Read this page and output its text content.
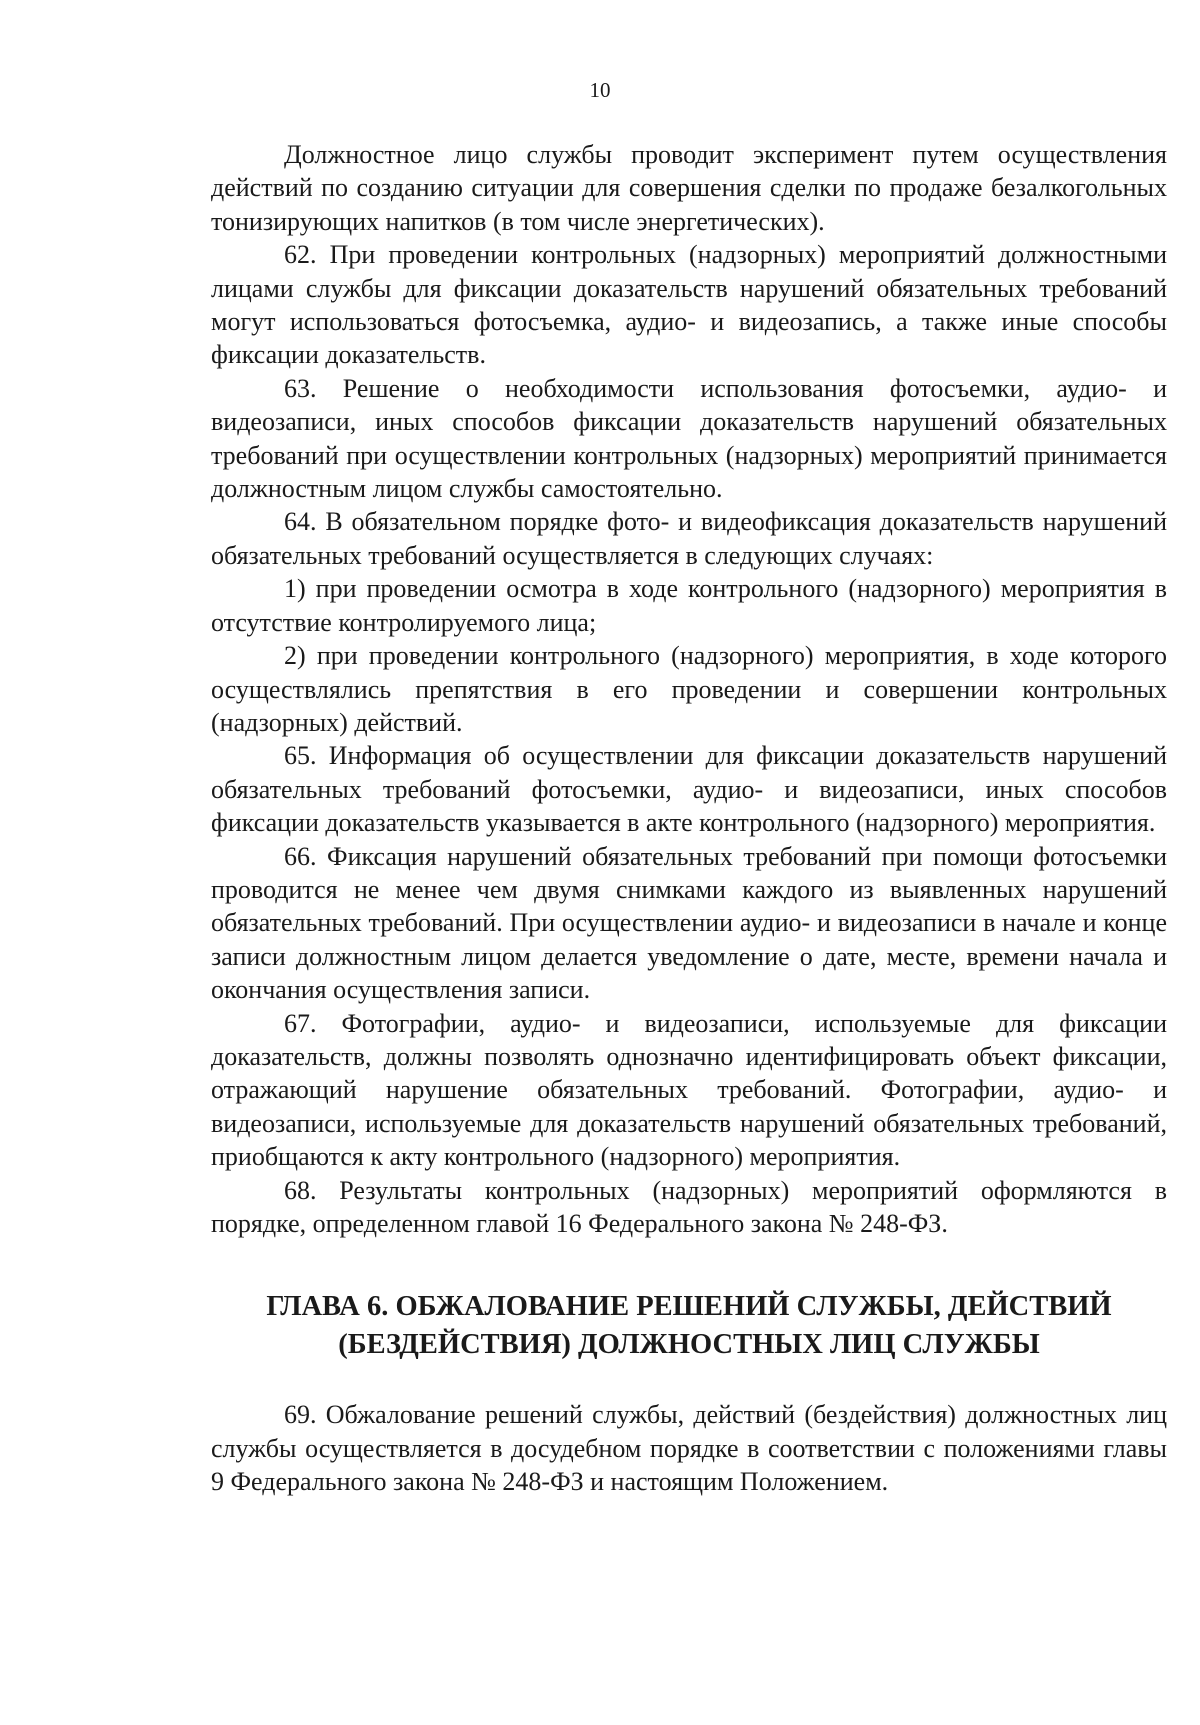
10

Должностное лицо службы проводит эксперимент путем осуществления действий по созданию ситуации для совершения сделки по продаже безалкогольных тонизирующих напитков (в том числе энергетических).

62. При проведении контрольных (надзорных) мероприятий должностными лицами службы для фиксации доказательств нарушений обязательных требований могут использоваться фотосъемка, аудио- и видеозапись, а также иные способы фиксации доказательств.

63. Решение о необходимости использования фотосъемки, аудио- и видеозаписи, иных способов фиксации доказательств нарушений обязательных требований при осуществлении контрольных (надзорных) мероприятий принимается должностным лицом службы самостоятельно.

64. В обязательном порядке фото- и видеофиксация доказательств нарушений обязательных требований осуществляется в следующих случаях:

1) при проведении осмотра в ходе контрольного (надзорного) мероприятия в отсутствие контролируемого лица;

2) при проведении контрольного (надзорного) мероприятия, в ходе которого осуществлялись препятствия в его проведении и совершении контрольных (надзорных) действий.

65. Информация об осуществлении для фиксации доказательств нарушений обязательных требований фотосъемки, аудио- и видеозаписи, иных способов фиксации доказательств указывается в акте контрольного (надзорного) мероприятия.

66. Фиксация нарушений обязательных требований при помощи фотосъемки проводится не менее чем двумя снимками каждого из выявленных нарушений обязательных требований. При осуществлении аудио- и видеозаписи в начале и конце записи должностным лицом делается уведомление о дате, месте, времени начала и окончания осуществления записи.

67. Фотографии, аудио- и видеозаписи, используемые для фиксации доказательств, должны позволять однозначно идентифицировать объект фиксации, отражающий нарушение обязательных требований. Фотографии, аудио- и видеозаписи, используемые для доказательств нарушений обязательных требований, приобщаются к акту контрольного (надзорного) мероприятия.

68. Результаты контрольных (надзорных) мероприятий оформляются в порядке, определенном главой 16 Федерального закона № 248-ФЗ.

ГЛАВА 6. ОБЖАЛОВАНИЕ РЕШЕНИЙ СЛУЖБЫ, ДЕЙСТВИЙ
(БЕЗДЕЙСТВИЯ) ДОЛЖНОСТНЫХ ЛИЦ СЛУЖБЫ

69. Обжалование решений службы, действий (бездействия) должностных лиц службы осуществляется в досудебном порядке в соответствии с положениями главы 9 Федерального закона № 248-ФЗ и настоящим Положением.
